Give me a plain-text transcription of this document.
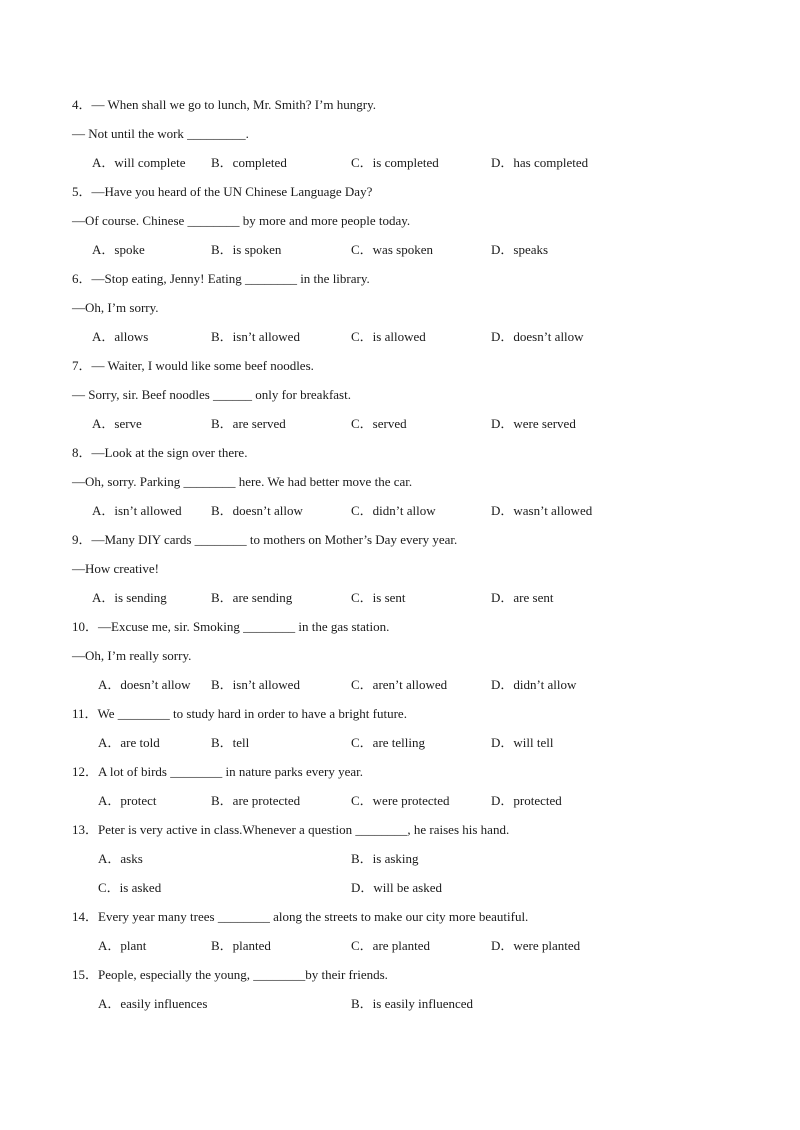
4．— When shall we go to lunch, Mr. Smith? I’m hungry.
— Not until the work _________.
A．will complete B．completed	C．is completed	D．has completed
5．—Have you heard of the UN Chinese Language Day?
—Of course. Chinese ________ by more and more people today.
A．spoke	B．is spoken	C．was spoken	D．speaks
6．—Stop eating, Jenny! Eating ________ in the library.
—Oh, I’m sorry.
A．allows	B．isn’t allowed	C．is allowed	D．doesn’t allow
7．— Waiter, I would like some beef noodles.
— Sorry, sir. Beef noodles ______ only for breakfast.
A．serve	B．are served	C．served	D．were served
8．—Look at the sign over there.
—Oh, sorry. Parking ________ here. We had better move the car.
A．isn’t allowed B．doesn’t allow	C．didn’t allow	D．wasn’t allowed
9．—Many DIY cards ________ to mothers on Mother’s Day every year.
—How creative!
A．is sending	B．are sending	C．is sent	D．are sent
10．—Excuse me, sir. Smoking ________ in the gas station.
—Oh, I’m really sorry.
A．doesn’t allow B．isn’t allowed	C．aren’t allowed	D．didn’t allow
11．We ________ to study hard in order to have a bright future.
A．are told	B．tell	C．are telling	D．will tell
12．A lot of birds ________ in nature parks every year.
A．protect	B．are protected	C．were protected	D．protected
13．Peter is very active in class.Whenever a question ________, he raises his hand.
A．asks	B．is asking
C．is asked	D．will be asked
14．Every year many trees ________ along the streets to make our city more beautiful.
A．plant	B．planted	C．are planted	D．were planted
15．People, especially the young, ________by their friends.
A．easily influences	B．is easily influenced
